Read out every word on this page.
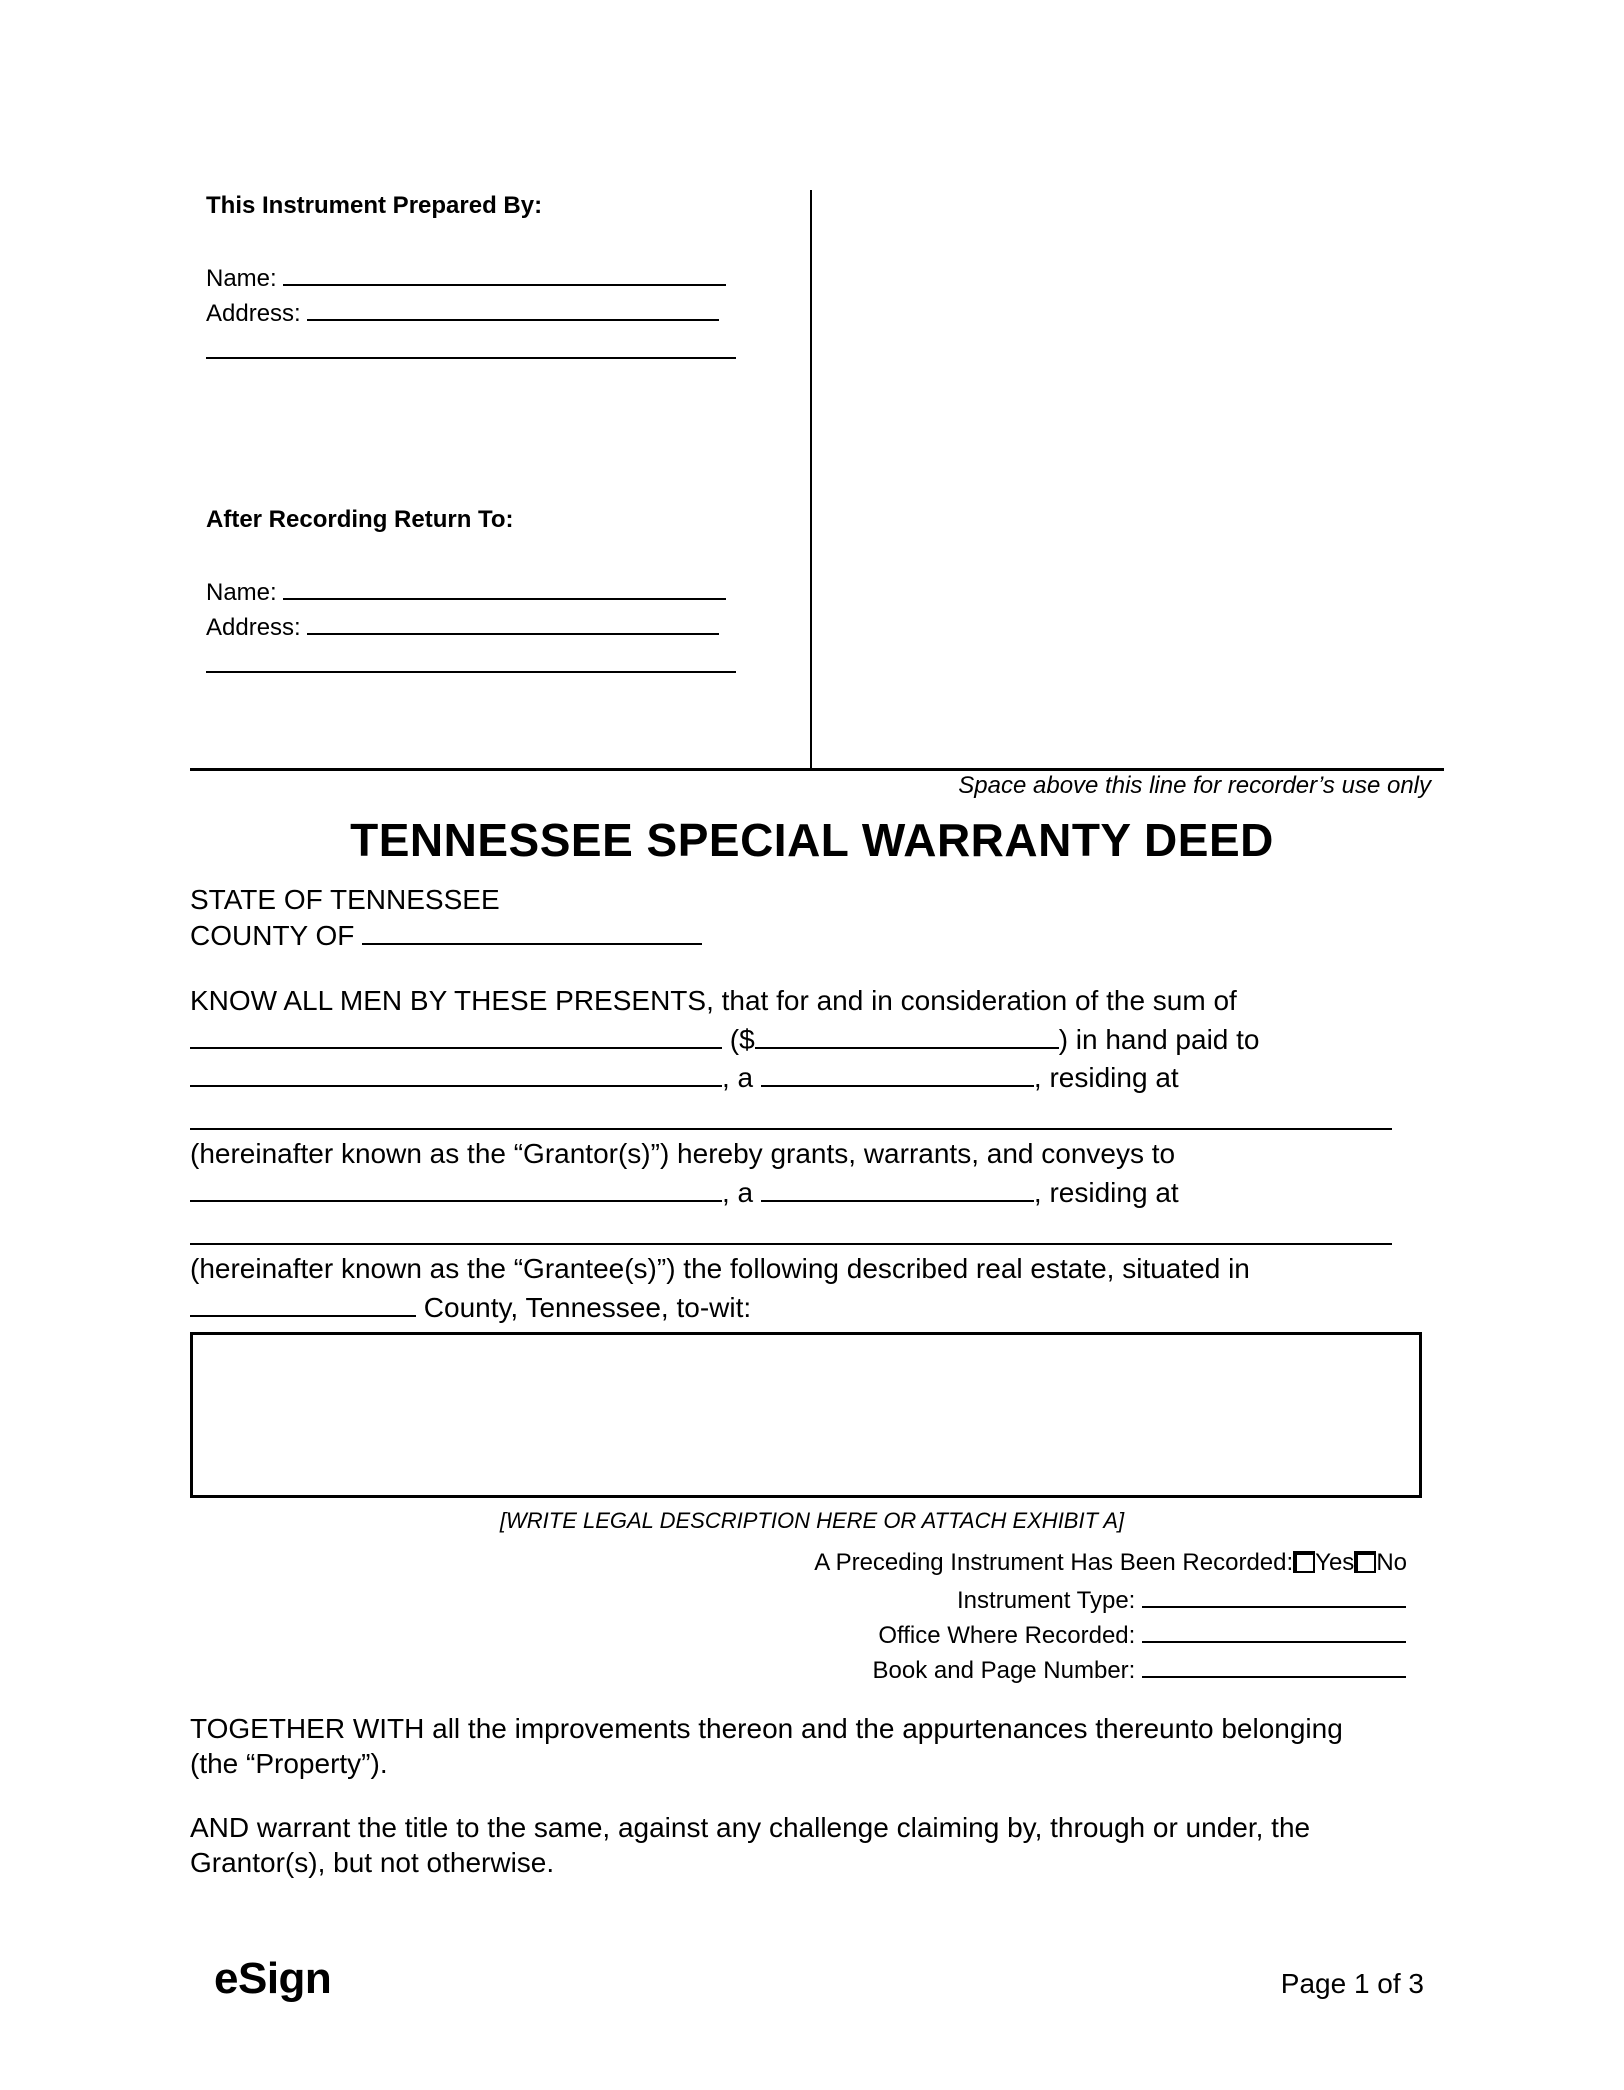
This Instrument Prepared By:
Name:
Address:
After Recording Return To:
Name:
Address:
Space above this line for recorder’s use only
TENNESSEE SPECIAL WARRANTY DEED
STATE OF TENNESSEE
COUNTY OF
KNOW ALL MEN BY THESE PRESENTS, that for and in consideration of the sum of
($	) in hand paid to
, a	, residing at
(hereinafter known as the “Grantor(s)”) hereby grants, warrants, and conveys to
, a	, residing at
(hereinafter known as the “Grantee(s)”) the following described real estate, situated in
County, Tennessee, to-wit:
[WRITE LEGAL DESCRIPTION HERE OR ATTACH EXHIBIT A]
A Preceding Instrument Has Been Recorded: Yes No
Instrument Type:
Office Where Recorded:
Book and Page Number:
TOGETHER WITH all the improvements thereon and the appurtenances thereunto belonging
(the “Property”).
AND warrant the title to the same, against any challenge claiming by, through or under, the
Grantor(s), but not otherwise.
eSign	Page 1 of 3
